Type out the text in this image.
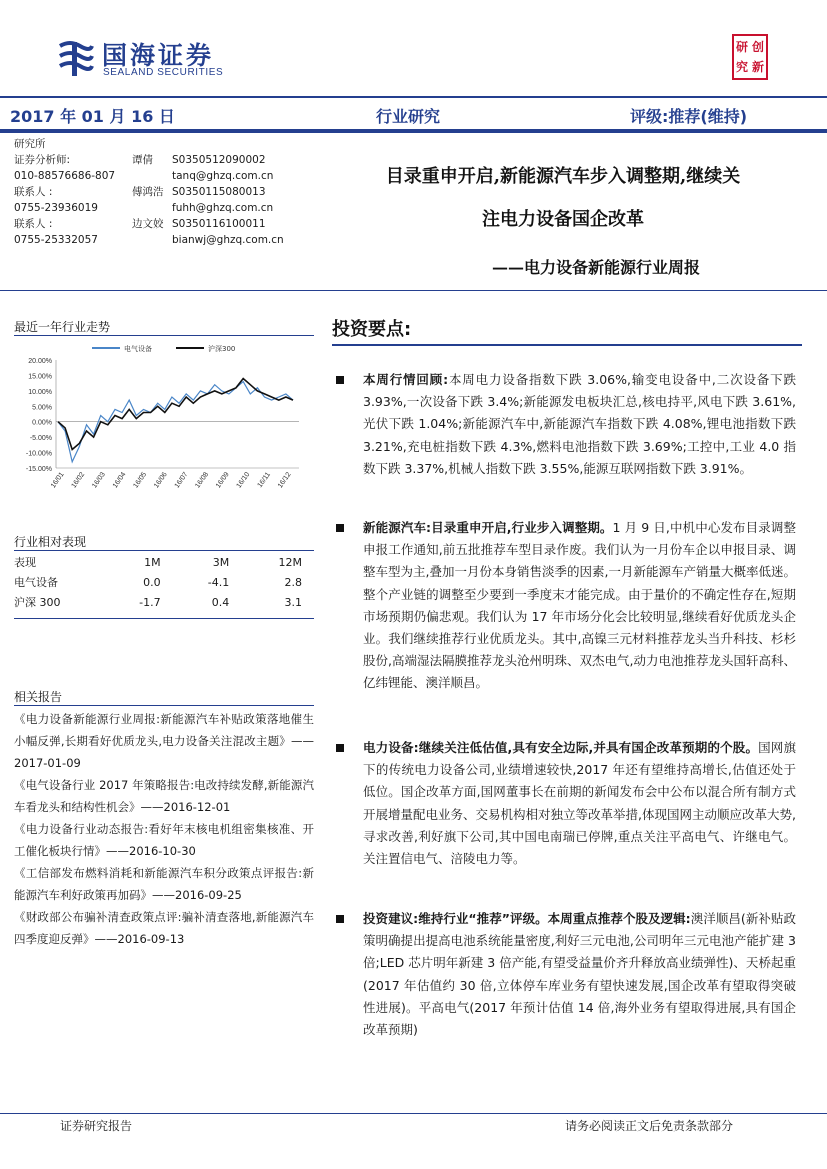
国海证券
SEALAND SECURITIES
研 创
究 新
2017 年 01 月 16 日	行业研究	评级:推荐(维持)
研究所
证券分析师:	谭倩	S0350512090002
010-88576686-807	tanq@ghzq.com.cn
联系人 :	傅鸿浩 S0350115080013
0755-23936019	fuhh@ghzq.com.cn
联系人 :	边文姣 S0350116100011
0755-25332057	bianwj@ghzq.com.cn
目录重申开启,新能源汽车步入调整期,继续关
注电力设备国企改革
——电力设备新能源行业周报
最近一年行业走势
20.00%
15.00%
10.00%
5.00%
0.00%
-5.00%
-10.00%
-15.00%
16/01 16/02 16/03 16/04 16/05 16/06 16/07 16/08 16/09 16/10 16/11 16/12
电气设备	沪深300
行业相对表现
表现	1M	3M	12M
电气设备	0.0	-4.1	2.8
沪深 300	-1.7	0.4	3.1
相关报告
《电力设备新能源行业周报:新能源汽车补贴政策落地催生小幅反弹,长期看好优质龙头,电力设备关注混改主题》——2017-01-09
《电气设备行业 2017 年策略报告:电改持续发酵,新能源汽车看龙头和结构性机会》——2016-12-01
《电力设备行业动态报告:看好年末核电机组密集核准、开工催化板块行情》——2016-10-30
《工信部发布燃料消耗和新能源汽车积分政策点评报告:新能源汽车利好政策再加码》——2016-09-25
《财政部公布骗补清查政策点评:骗补清查落地,新能源汽车四季度迎反弹》——2016-09-13
投资要点:
本周行情回顾:本周电力设备指数下跌 3.06%,输变电设备中,二次设备下跌 3.93%,一次设备下跌 3.4%;新能源发电板块汇总,核电持平,风电下跌 3.61%,光伏下跌 1.04%;新能源汽车中,新能源汽车指数下跌 4.08%,锂电池指数下跌 3.21%,充电桩指数下跌 4.3%,燃料电池指数下跌 3.69%;工控中,工业 4.0 指数下跌 3.37%,机械人指数下跌 3.55%,能源互联网指数下跌 3.91%。
新能源汽车:目录重申开启,行业步入调整期。1 月 9 日,中机中心发布目录调整申报工作通知,前五批推荐车型目录作废。我们认为一月份车企以申报目录、调整车型为主,叠加一月份本身销售淡季的因素,一月新能源车产销量大概率低迷。整个产业链的调整至少要到一季度末才能完成。由于量价的不确定性存在,短期市场预期仍偏悲观。我们认为 17 年市场分化会比较明显,继续看好优质龙头企业。我们继续推荐行业优质龙头。其中,高镍三元材料推荐龙头当升科技、杉杉股份,高端湿法隔膜推荐龙头沧州明珠、双杰电气,动力电池推荐龙头国轩高科、亿纬锂能、澳洋顺昌。
电力设备:继续关注低估值,具有安全边际,并具有国企改革预期的个股。国网旗下的传统电力设备公司,业绩增速较快,2017 年还有望维持高增长,估值还处于低位。国企改革方面,国网董事长在前期的新闻发布会中公布以混合所有制方式开展增量配电业务、交易机构相对独立等改革举措,体现国网主动顺应改革大势,寻求改善,利好旗下公司,其中国电南瑞已停牌,重点关注平高电气、许继电气。关注置信电气、涪陵电力等。
投资建议:维持行业“推荐”评级。本周重点推荐个股及逻辑:澳洋顺昌(新补贴政策明确提出提高电池系统能量密度,利好三元电池,公司明年三元电池产能扩建 3 倍;LED 芯片明年新建 3 倍产能,有望受益量价齐升释放高业绩弹性)、天桥起重(2017 年估值约 30 倍,立体停车库业务有望快速发展,国企改革有望取得突破性进展)。平高电气(2017 年预计估值 14 倍,海外业务有望取得进展,具有国企改革预期)
证券研究报告	请务必阅读正文后免责条款部分
